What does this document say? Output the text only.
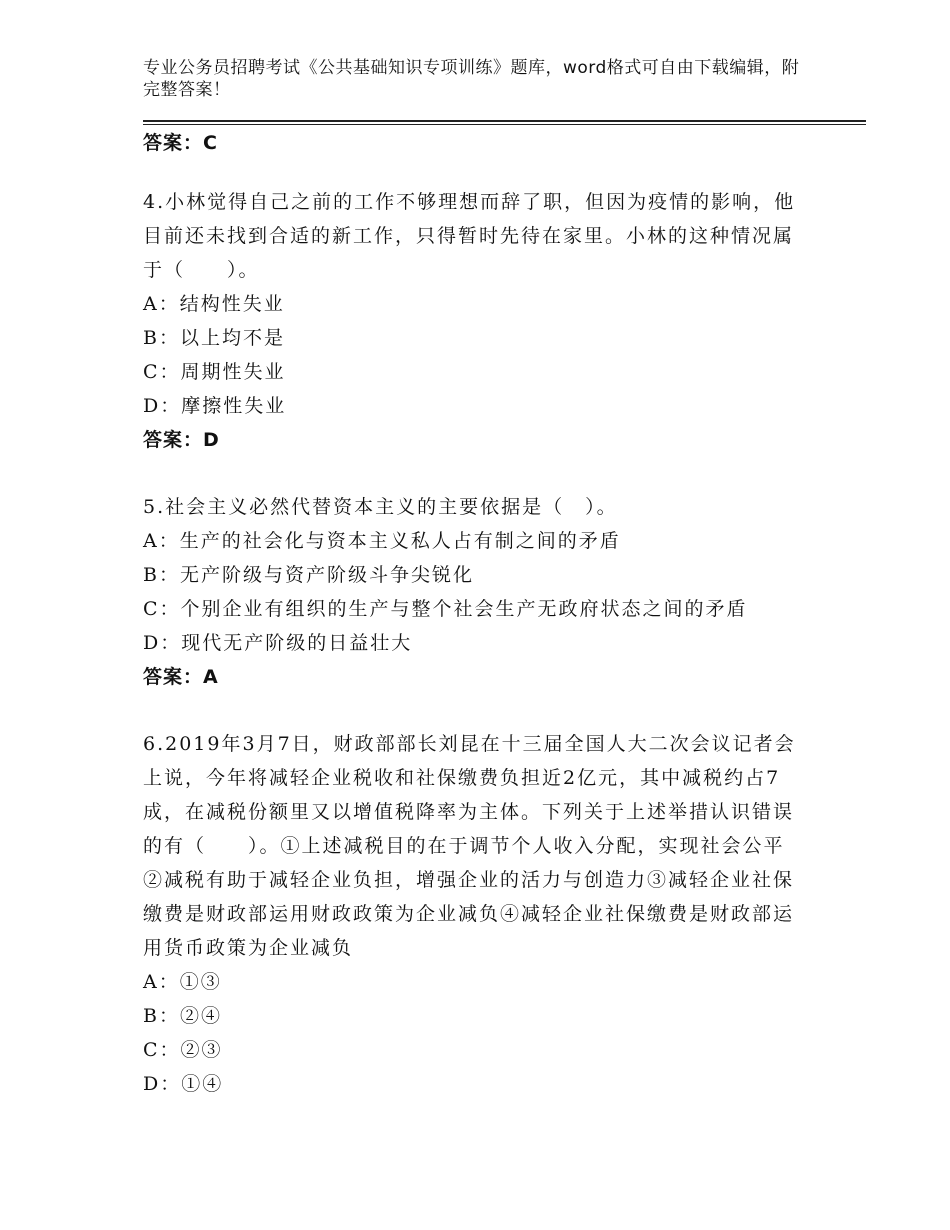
专业公务员招聘考试《公共基础知识专项训练》题库，word格式可自由下载编辑，附完整答案！
答案：C
4.小林觉得自己之前的工作不够理想而辞了职，但因为疫情的影响，他目前还未找到合适的新工作，只得暂时先待在家里。小林的这种情况属于（　　）。
A：结构性失业
B：以上均不是
C：周期性失业
D：摩擦性失业
答案：D
5.社会主义必然代替资本主义的主要依据是（　）。
A：生产的社会化与资本主义私人占有制之间的矛盾
B：无产阶级与资产阶级斗争尖锐化
C：个别企业有组织的生产与整个社会生产无政府状态之间的矛盾
D：现代无产阶级的日益壮大
答案：A
6.2019年3月7日，财政部部长刘昆在十三届全国人大二次会议记者会上说，今年将减轻企业税收和社保缴费负担近2亿元，其中减税约占7成，在减税份额里又以增值税降率为主体。下列关于上述举措认识错误的有（　　）。①上述减税目的在于调节个人收入分配，实现社会公平②减税有助于减轻企业负担，增强企业的活力与创造力③减轻企业社保缴费是财政部运用财政政策为企业减负④减轻企业社保缴费是财政部运用货币政策为企业减负
A：①③
B：②④
C：②③
D：①④
